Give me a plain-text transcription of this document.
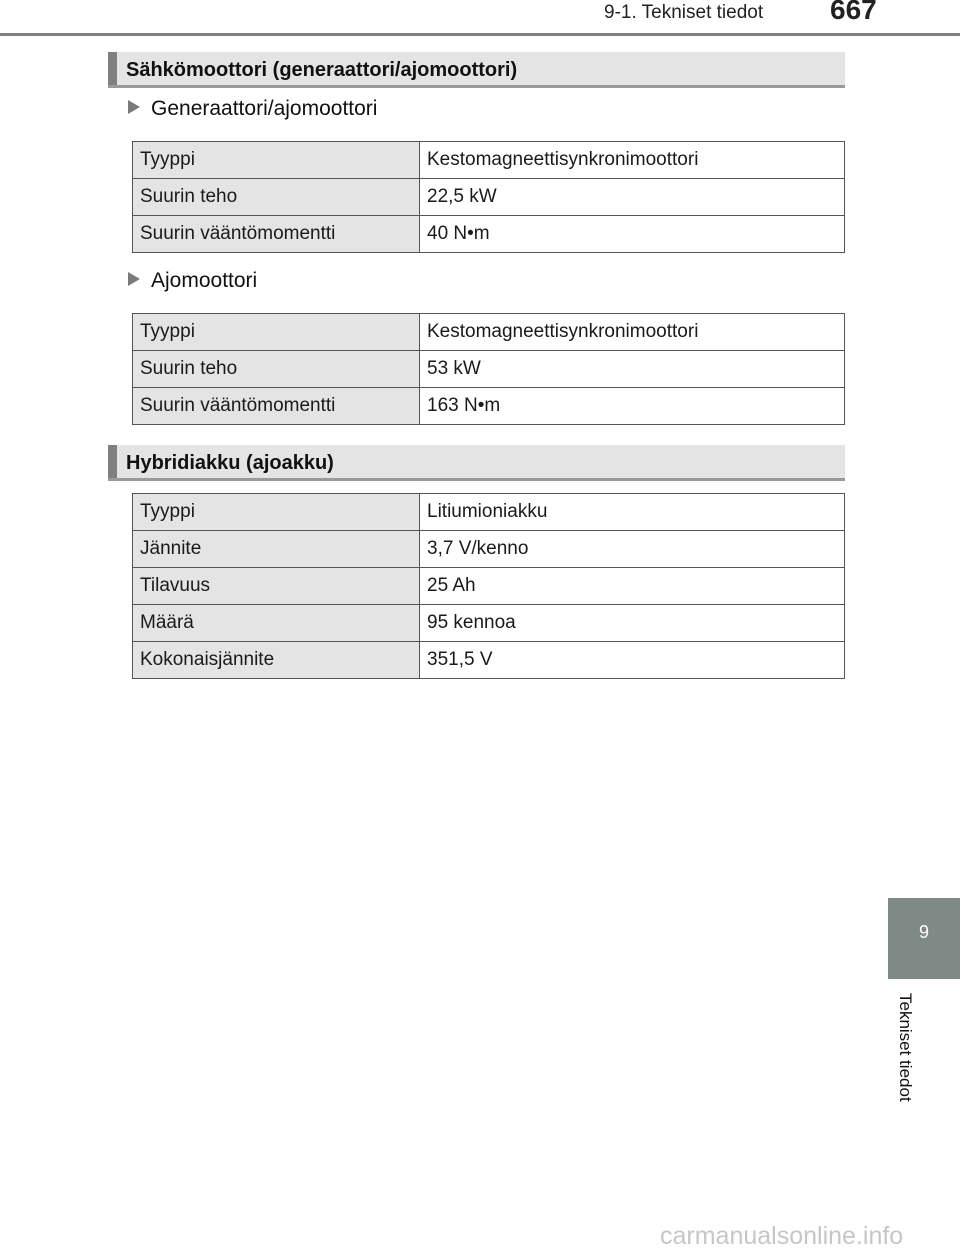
9-1. Tekniset tiedot 667
Sähkömoottori (generaattori/ajomoottori)
Generaattori/ajomoottori
Tyyppi	Kestomagneettisynkronimoottori
Suurin teho	22,5 kW
Suurin vääntömomentti	40 N•m
Ajomoottori
Tyyppi	Kestomagneettisynkronimoottori
Suurin teho	53 kW
Suurin vääntömomentti	163 N•m
Hybridiakku (ajoakku)
Tyyppi	Litiumioniakku
Jännite	3,7 V/kenno
Tilavuus	25 Ah
Määrä	95 kennoa
Kokonaisjännite	351,5 V
9
Tekniset tiedot
carmanualsonline.info
